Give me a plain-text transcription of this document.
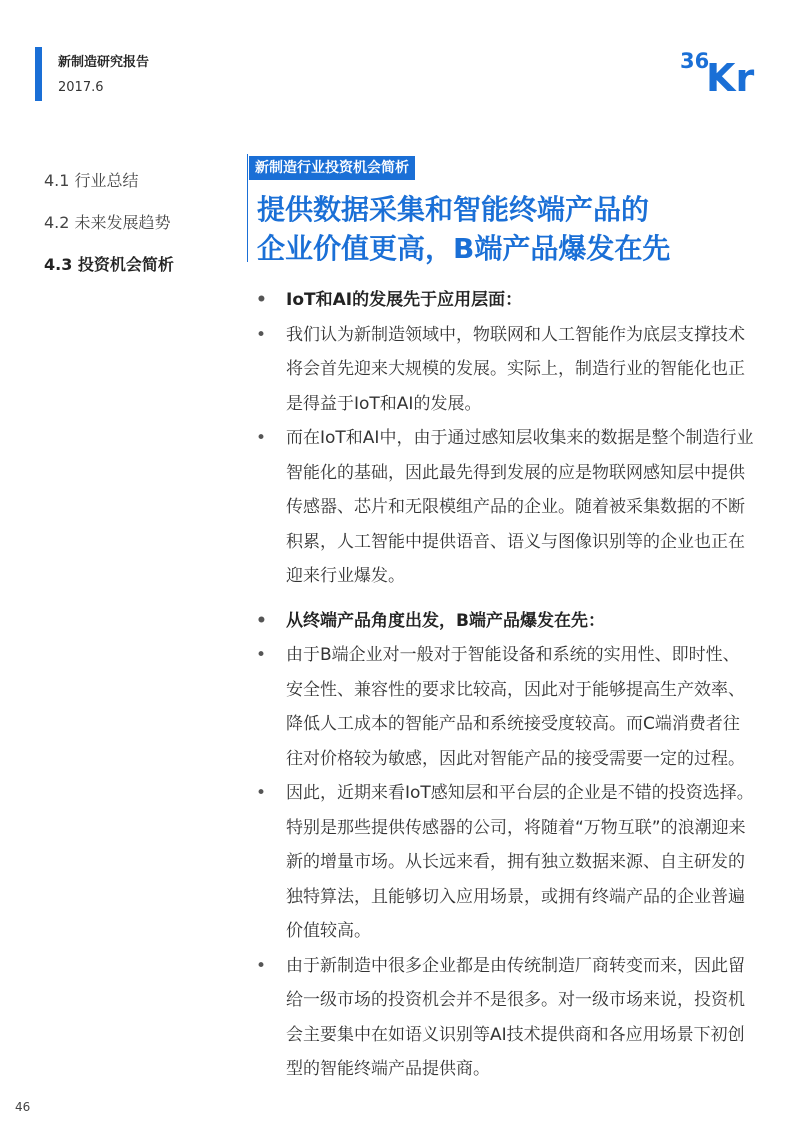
新制造研究报告
2017.6
36
Kr
4.1 行业总结
4.2 未来发展趋势
4.3 投资机会简析
新制造行业投资机会简析
提供数据采集和智能终端产品的
企业价值更高，B端产品爆发在先
• IoT和AI的发展先于应用层面：
• 我们认为新制造领域中，物联网和人工智能作为底层支撑技术将会首先迎来大规模的发展。实际上，制造行业的智能化也正是得益于IoT和AI的发展。
• 而在IoT和AI中，由于通过感知层收集来的数据是整个制造行业智能化的基础，因此最先得到发展的应是物联网感知层中提供传感器、芯片和无限模组产品的企业。随着被采集数据的不断积累，人工智能中提供语音、语义与图像识别等的企业也正在迎来行业爆发。
• 从终端产品角度出发，B端产品爆发在先：
• 由于B端企业对一般对于智能设备和系统的实用性、即时性、安全性、兼容性的要求比较高，因此对于能够提高生产效率、降低人工成本的智能产品和系统接受度较高。而C端消费者往往对价格较为敏感，因此对智能产品的接受需要一定的过程。
• 因此，近期来看IoT感知层和平台层的企业是不错的投资选择。特别是那些提供传感器的公司，将随着“万物互联”的浪潮迎来新的增量市场。从长远来看，拥有独立数据来源、自主研发的独特算法，且能够切入应用场景，或拥有终端产品的企业普遍价值较高。
• 由于新制造中很多企业都是由传统制造厂商转变而来，因此留给一级市场的投资机会并不是很多。对一级市场来说，投资机会主要集中在如语义识别等AI技术提供商和各应用场景下初创型的智能终端产品提供商。
46
